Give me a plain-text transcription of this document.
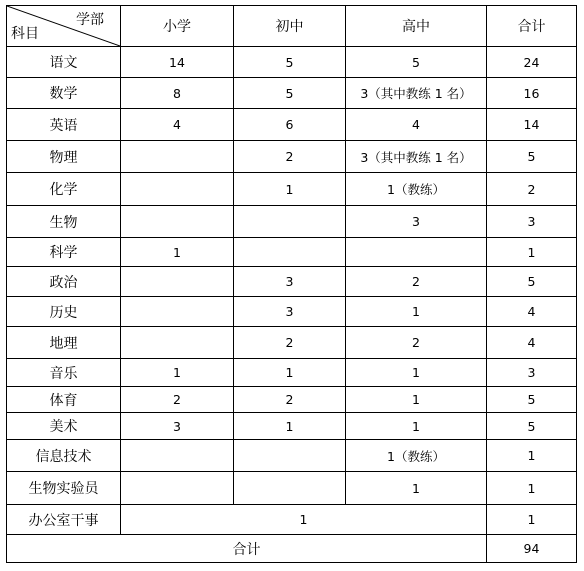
学部
科目	小学	初中	高中	合计
语文	14	5	5	24
数学	8	5	3（其中教练 1 名）	16
英语	4	6	4	14
物理		2	3（其中教练 1 名）	5
化学		1	1（教练）	2
生物			3	3
科学	1			1
政治		3	2	5
历史		3	1	4
地理		2	2	4
音乐	1	1	1	3
体育	2	2	1	5
美术	3	1	1	5
信息技术			1（教练）	1
生物实验员			1	1
办公室干事	1			1
合计				94
